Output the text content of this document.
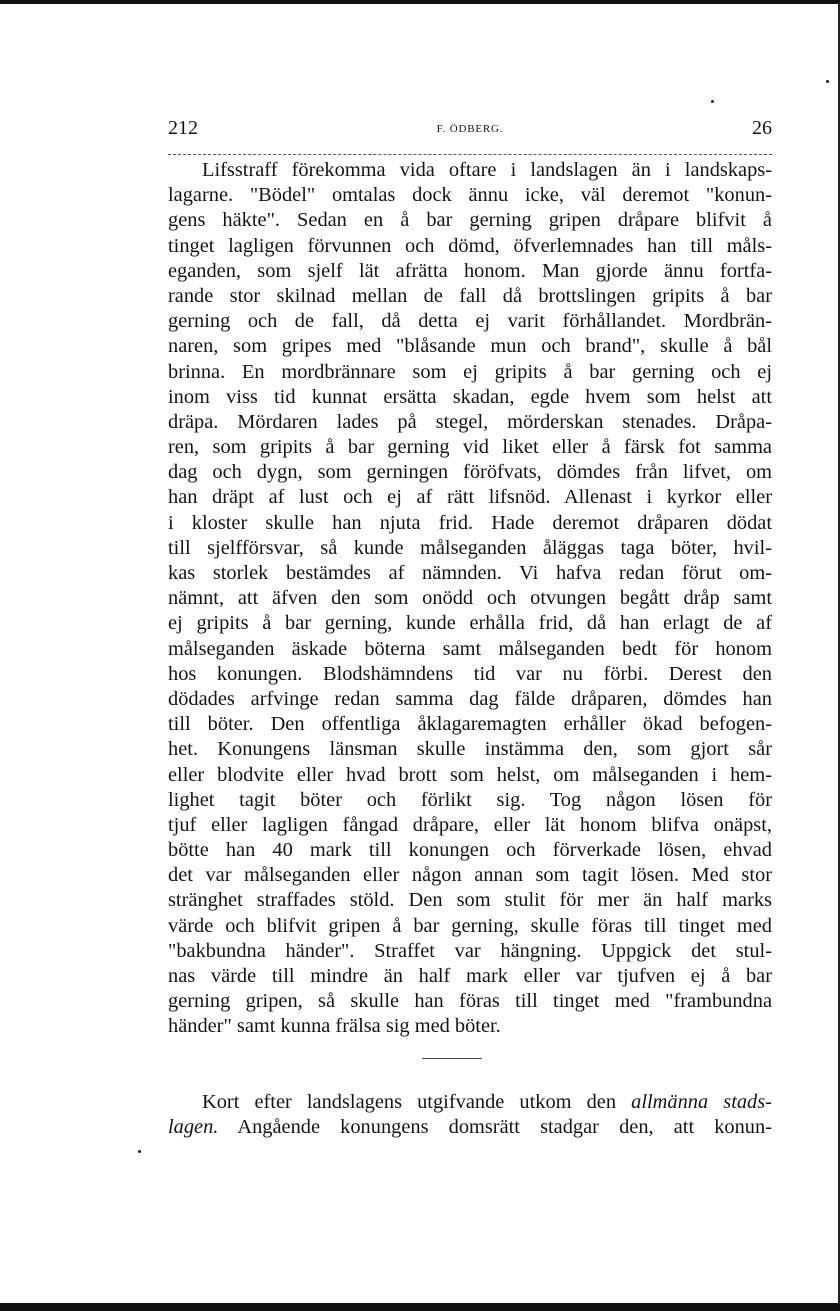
212	F. ÖDBERG.	26
Lifsstraff förekomma vida oftare i landslagen än i landskaps-
lagarne. "Bödel" omtalas dock ännu icke, väl deremot "konun-
gens häkte". Sedan en å bar gerning gripen dråpare blifvit å
tinget lagligen förvunnen och dömd, öfverlemnades han till måls-
eganden, som sjelf lät afrätta honom. Man gjorde ännu fortfa-
rande stor skilnad mellan de fall då brottslingen gripits å bar
gerning och de fall, då detta ej varit förhållandet. Mordbrän-
naren, som gripes med "blåsande mun och brand", skulle å bål
brinna. En mordbrännare som ej gripits å bar gerning och ej
inom viss tid kunnat ersätta skadan, egde hvem som helst att
dräpa. Mördaren lades på stegel, mörderskan stenades. Dråpa-
ren, som gripits å bar gerning vid liket eller å färsk fot samma
dag och dygn, som gerningen föröfvats, dömdes från lifvet, om
han dräpt af lust och ej af rätt lifsnöd. Allenast i kyrkor eller
i kloster skulle han njuta frid. Hade deremot dråparen dödat
till sjelfförsvar, så kunde målseganden åläggas taga böter, hvil-
kas storlek bestämdes af nämnden. Vi hafva redan förut om-
nämnt, att äfven den som onödd och otvungen begått dråp samt
ej gripits å bar gerning, kunde erhålla frid, då han erlagt de af
målseganden äskade böterna samt målseganden bedt för honom
hos konungen. Blodshämndens tid var nu förbi. Derest den
dödades arfvinge redan samma dag fälde dråparen, dömdes han
till böter. Den offentliga åklagaremagten erhåller ökad befogen-
het. Konungens länsman skulle instämma den, som gjort sår
eller blodvite eller hvad brott som helst, om målseganden i hem-
lighet tagit böter och förlikt sig. Tog någon lösen för
tjuf eller lagligen fångad dråpare, eller lät honom blifva onäpst,
bötte han 40 mark till konungen och förverkade lösen, ehvad
det var målseganden eller någon annan som tagit lösen. Med stor
stränghet straffades stöld. Den som stulit för mer än half marks
värde och blifvit gripen å bar gerning, skulle föras till tinget med
"bakbundna händer". Straffet var hängning. Uppgick det stul-
nas värde till mindre än half mark eller var tjufven ej å bar
gerning gripen, så skulle han föras till tinget med "frambundna
händer" samt kunna frälsa sig med böter.
Kort efter landslagens utgifvande utkom den allmänna stads-
lagen. Angående konungens domsrätt stadgar den, att konun-
